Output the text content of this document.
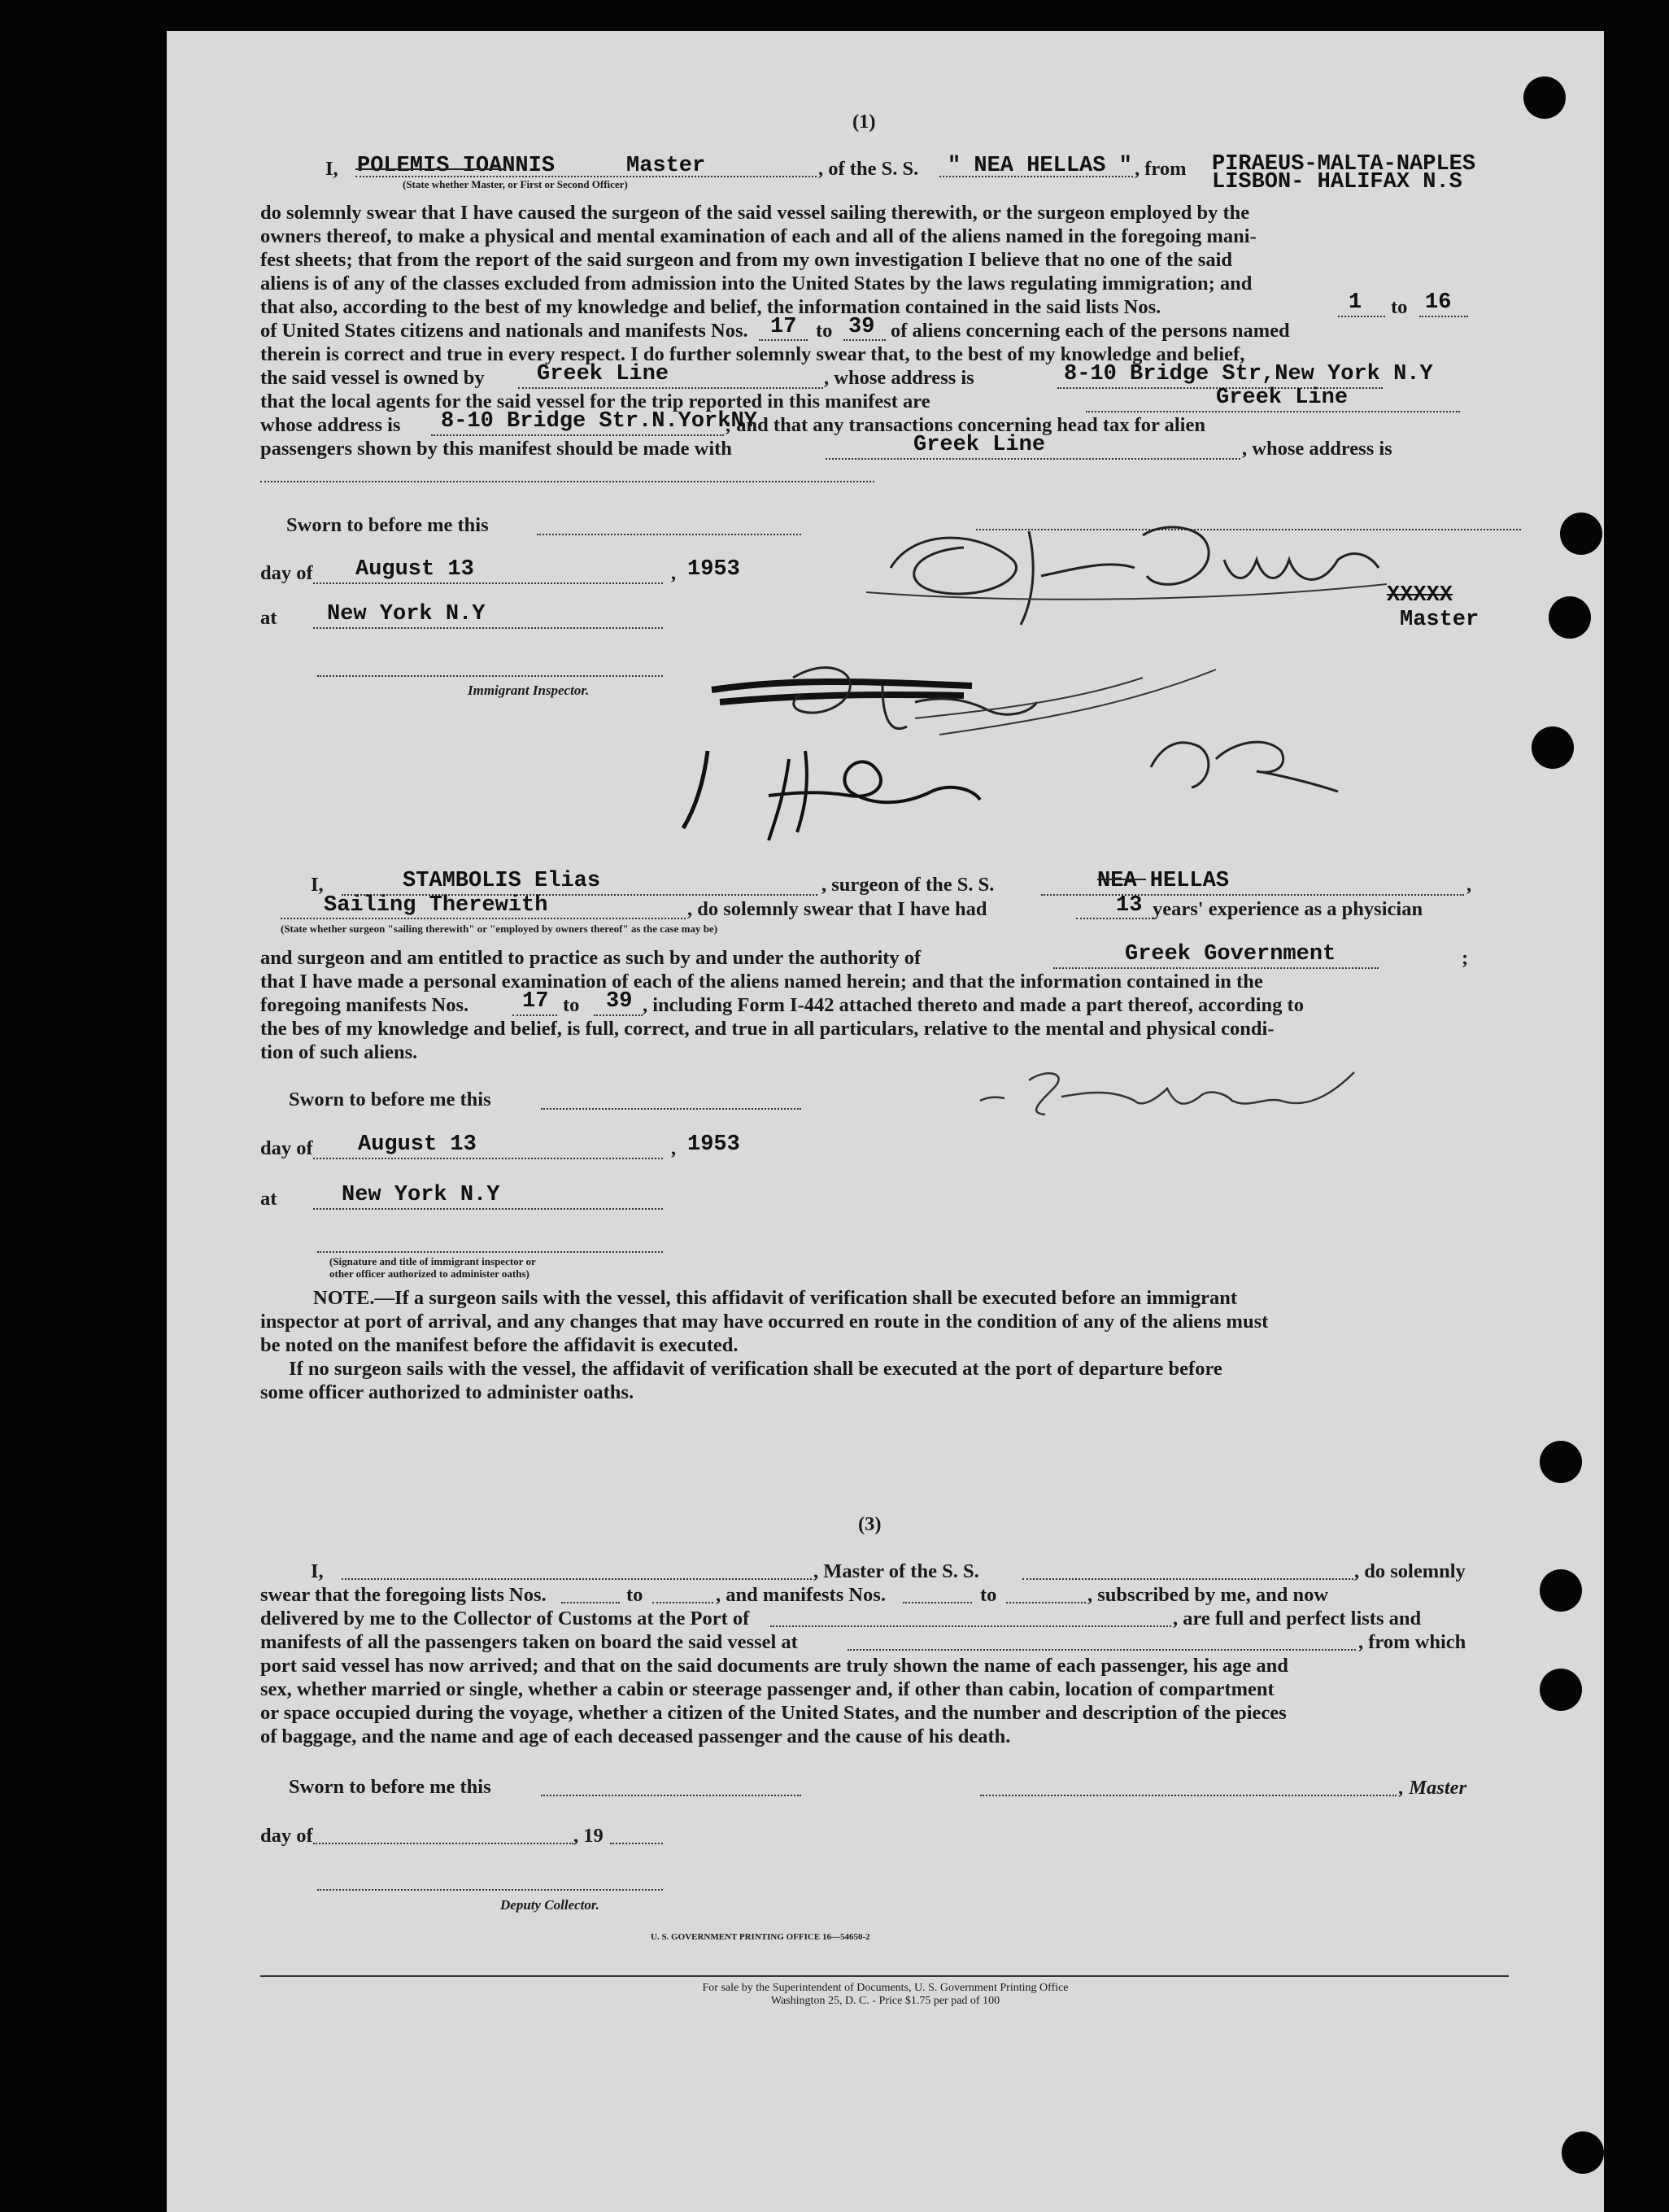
(1)
I, POLEMIS IOANNIS	Master
(State whether Master, or First or Second Officer)
, of the S. S. " NEA HELLAS " , from PIRAEUS-MALTA-NAPLES
LISBON- HALIFAX N.S
do solemnly swear that I have caused the surgeon of the said vessel sailing therewith, or the surgeon employed by the
owners thereof, to make a physical and mental examination of each and all of the aliens named in the foregoing mani-
fest sheets; that from the report of the said surgeon and from my own investigation I believe that no one of the said
aliens is of any of the classes excluded from admission into the United States by the laws regulating immigration; and
that also, according to the best of my knowledge and belief, the information contained in the said lists Nos.	1 to 16
of United States citizens and nationals and manifests Nos. 17 to 39 of aliens concerning each of the persons named
therein is correct and true in every respect. I do further solemnly swear that, to the best of my knowledge and belief,
the said vessel is owned by Greek Line	, whose address is	8-10 Bridge Str,New York N.Y
that the local agents for the said vessel for the trip reported in this manifest are	Greek Line
whose address is 8-10 Bridge Str.N.YorkNY
; and that any transactions concerning head tax for alien
passengers shown by this manifest should be made with	Greek Line	, whose address is
Sworn to before me this
day of August 13	, 1953
at New York N.Y
Immigrant Inspector.
XXXXX
Master
I,	STAMBOLIS Elias	, surgeon of the S. S.	NEA HELLAS	,
Sailing Therewith	, do solemnly swear that I have had	13 years' experience as a physician
(State whether surgeon "sailing therewith" or "employed by owners thereof" as the case may be)
and surgeon and am entitled to practice as such by and under the authority of	Greek Government	;
that I have made a personal examination of each of the aliens named herein; and that the information contained in the
foregoing manifests Nos. 17 to 39 , including Form I-442 attached thereto and made a part thereof, according to
the bes of my knowledge and belief, is full, correct, and true in all particulars, relative to the mental and physical condi-
tion of such aliens.
Sworn to before me this
day of August 13	, 1953
at	New York N.Y
(Signature and title of immigrant inspector or
other officer authorized to administer oaths)
NOTE.—If a surgeon sails with the vessel, this affidavit of verification shall be executed before an immigrant
inspector at port of arrival, and any changes that may have occurred en route in the condition of any of the aliens must
be noted on the manifest before the affidavit is executed.
If no surgeon sails with the vessel, the affidavit of verification shall be executed at the port of departure before
some officer authorized to administer oaths.
(3)
I,	, Master of the S. S.	, do solemnly
swear that the foregoing lists Nos.	to	, and manifests Nos.	to	, subscribed by me, and now
delivered by me to the Collector of Customs at the Port of	, are full and perfect lists and
manifests of all the passengers taken on board the said vessel at	, from which
port said vessel has now arrived; and that on the said documents are truly shown the name of each passenger, his age and
sex, whether married or single, whether a cabin or steerage passenger and, if other than cabin, location of compartment
or space occupied during the voyage, whether a citizen of the United States, and the number and description of the pieces
of baggage, and the name and age of each deceased passenger and the cause of his death.
Sworn to before me this	, Master
day of	, 19
Deputy Collector.
U. S. GOVERNMENT PRINTING OFFICE 16—54650-2
For sale by the Superintendent of Documents, U. S. Government Printing Office
Washington 25, D. C. - Price $1.75 per pad of 100
